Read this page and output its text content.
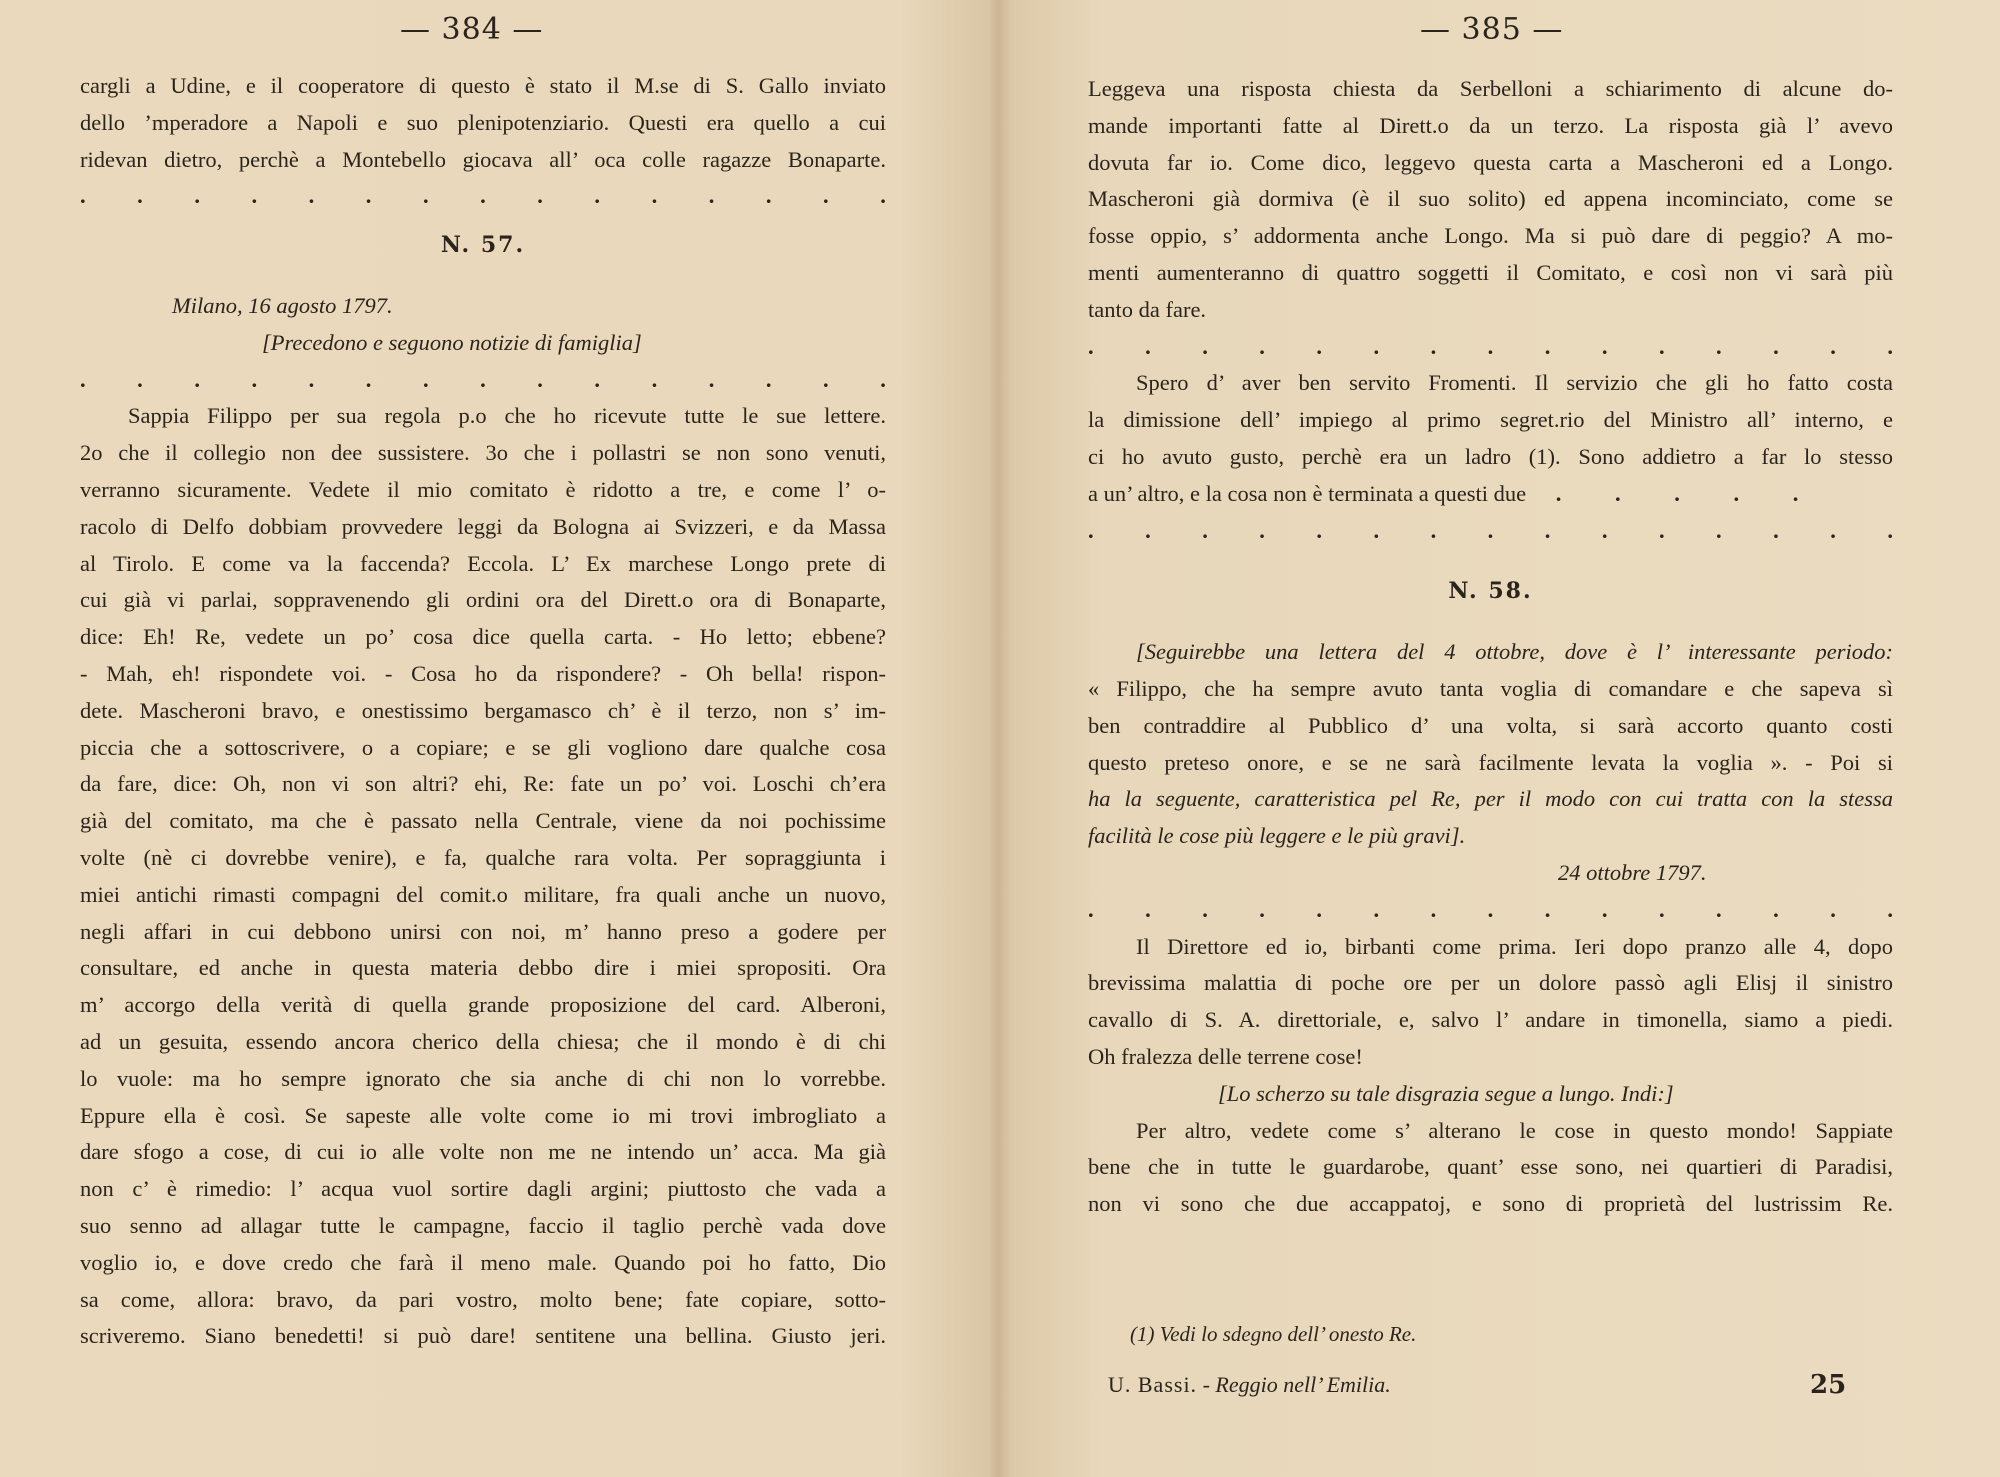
— 384 —
cargli a Udine, e il cooperatore di questo è stato il M.se di S. Gallo inviato
dello ’mperadore a Napoli e suo plenipotenziario. Questi era quello a cui
ridevan dietro, perchè a Montebello giocava all’ oca colle ragazze Bonaparte.
. . . . . . . . . . . . . . .
N. 57.
Milano, 16 agosto 1797.
[Precedono e seguono notizie di famiglia]
. . . . . . . . . . . . . . .
Sappia Filippo per sua regola p.o che ho ricevute tutte le sue lettere.
2o che il collegio non dee sussistere. 3o che i pollastri se non sono venuti,
verranno sicuramente. Vedete il mio comitato è ridotto a tre, e come l’ o-
racolo di Delfo dobbiam provvedere leggi da Bologna ai Svizzeri, e da Massa
al Tirolo. E come va la faccenda? Eccola. L’ Ex marchese Longo prete di
cui già vi parlai, soppravenendo gli ordini ora del Dirett.o ora di Bonaparte,
dice: Eh! Re, vedete un po’ cosa dice quella carta. - Ho letto; ebbene?
- Mah, eh! rispondete voi. - Cosa ho da rispondere? - Oh bella! rispon-
dete. Mascheroni bravo, e onestissimo bergamasco ch’ è il terzo, non s’ im-
piccia che a sottoscrivere, o a copiare; e se gli vogliono dare qualche cosa
da fare, dice: Oh, non vi son altri? ehi, Re: fate un po’ voi. Loschi ch’era
già del comitato, ma che è passato nella Centrale, viene da noi pochissime
volte (nè ci dovrebbe venire), e fa, qualche rara volta. Per sopraggiunta i
miei antichi rimasti compagni del comit.o militare, fra quali anche un nuovo,
negli affari in cui debbono unirsi con noi, m’ hanno preso a godere per
consultare, ed anche in questa materia debbo dire i miei spropositi. Ora
m’ accorgo della verità di quella grande proposizione del card. Alberoni,
ad un gesuita, essendo ancora cherico della chiesa; che il mondo è di chi
lo vuole: ma ho sempre ignorato che sia anche di chi non lo vorrebbe.
Eppure ella è così. Se sapeste alle volte come io mi trovi imbrogliato a
dare sfogo a cose, di cui io alle volte non me ne intendo un’ acca. Ma già
non c’ è rimedio: l’ acqua vuol sortire dagli argini; piuttosto che vada a
suo senno ad allagar tutte le campagne, faccio il taglio perchè vada dove
voglio io, e dove credo che farà il meno male. Quando poi ho fatto, Dio
sa come, allora: bravo, da pari vostro, molto bene; fate copiare, sotto-
scriveremo. Siano benedetti! si può dare! sentitene una bellina. Giusto jeri.
— 385 —
Leggeva una risposta chiesta da Serbelloni a schiarimento di alcune do-
mande importanti fatte al Dirett.o da un terzo. La risposta già l’ avevo
dovuta far io. Come dico, leggevo questa carta a Mascheroni ed a Longo.
Mascheroni già dormiva (è il suo solito) ed appena incominciato, come se
fosse oppio, s’ addormenta anche Longo. Ma si può dare di peggio? A mo-
menti aumenteranno di quattro soggetti il Comitato, e così non vi sarà più
tanto da fare.
. . . . . . . . . . . . . . .
Spero d’ aver ben servito Fromenti. Il servizio che gli ho fatto costa
la dimissione dell’ impiego al primo segret.rio del Ministro all’ interno, e
ci ho avuto gusto, perchè era un ladro (1). Sono addietro a far lo stesso
a un’ altro, e la cosa non è terminata a questi due . . . . .
. . . . . . . . . . . . . . .
N. 58.
[Seguirebbe una lettera del 4 ottobre, dove è l’ interessante periodo:
« Filippo, che ha sempre avuto tanta voglia di comandare e che sapeva sì
ben contraddire al Pubblico d’ una volta, si sarà accorto quanto costi
questo preteso onore, e se ne sarà facilmente levata la voglia ». - Poi si
ha la seguente, caratteristica pel Re, per il modo con cui tratta con la stessa
facilità le cose più leggere e le più gravi].
24 ottobre 1797.
. . . . . . . . . . . . . . .
Il Direttore ed io, birbanti come prima. Ieri dopo pranzo alle 4, dopo
brevissima malattia di poche ore per un dolore passò agli Elisj il sinistro
cavallo di S. A. direttoriale, e, salvo l’ andare in timonella, siamo a piedi.
Oh fralezza delle terrene cose!
[Lo scherzo su tale disgrazia segue a lungo. Indi:]
Per altro, vedete come s’ alterano le cose in questo mondo! Sappiate
bene che in tutte le guardarobe, quant’ esse sono, nei quartieri di Paradisi,
non vi sono che due accappatoj, e sono di proprietà del lustrissim Re.
(1) Vedi lo sdegno dell’ onesto Re.
U. Bassi. - Reggio nell’ Emilia.	25
